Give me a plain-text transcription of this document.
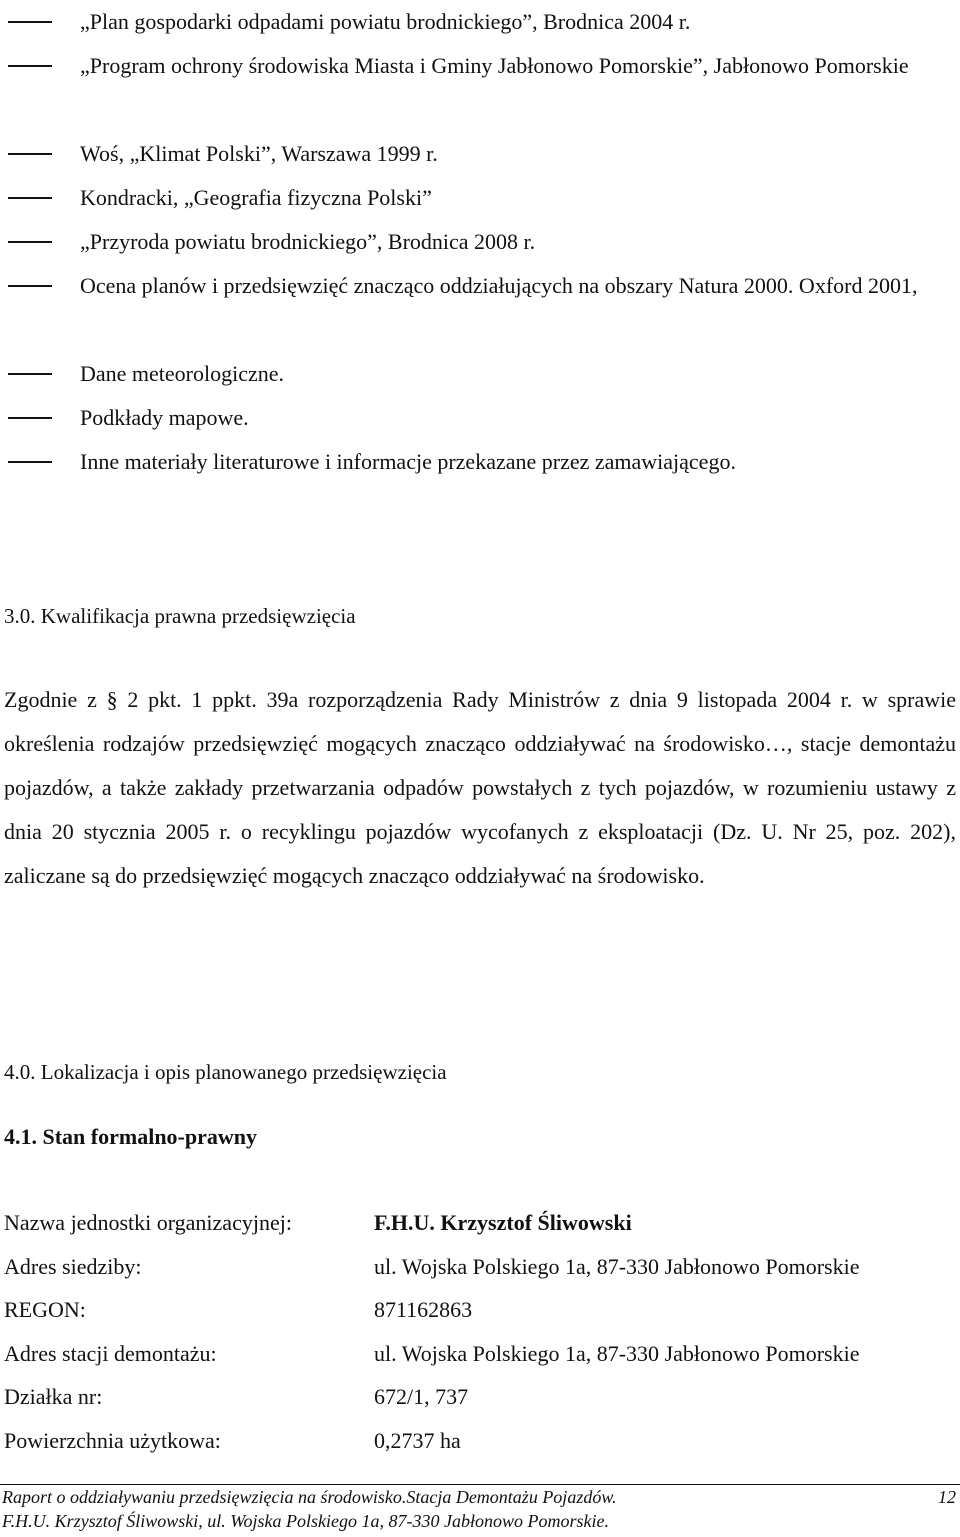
„Plan gospodarki odpadami powiatu brodnickiego”, Brodnica 2004 r.
„Program ochrony środowiska Miasta i Gminy Jabłonowo Pomorskie”, Jabłonowo Pomorskie
Woś, „Klimat Polski”, Warszawa 1999 r.
Kondracki, „Geografia fizyczna Polski”
„Przyroda powiatu brodnickiego”, Brodnica 2008 r.
Ocena planów i przedsięwzięć znacząco oddziałujących na obszary Natura 2000. Oxford 2001,
Dane meteorologiczne.
Podkłady mapowe.
Inne materiały literaturowe i informacje przekazane przez zamawiającego.
3.0. Kwalifikacja prawna przedsięwzięcia
Zgodnie z § 2 pkt. 1 ppkt. 39a rozporządzenia Rady Ministrów z dnia 9 listopada 2004 r. w sprawie określenia rodzajów przedsięwzięć mogących znacząco oddziaływać na środowisko…, stacje demontażu pojazdów, a także zakłady przetwarzania odpadów powstałych z tych pojazdów, w rozumieniu ustawy z dnia 20 stycznia 2005 r. o recyklingu pojazdów wycofanych z eksploatacji (Dz. U. Nr 25, poz. 202), zaliczane są do przedsięwzięć mogących znacząco oddziaływać na środowisko.
4.0. Lokalizacja i opis planowanego przedsięwzięcia
4.1. Stan formalno-prawny
Nazwa jednostki organizacyjnej:	F.H.U. Krzysztof Śliwowski
Adres siedziby:	ul. Wojska Polskiego 1a, 87-330 Jabłonowo Pomorskie
REGON:	871162863
Adres stacji demontażu:	ul. Wojska Polskiego 1a, 87-330 Jabłonowo Pomorskie
Działka nr:	672/1, 737
Powierzchnia użytkowa:	0,2737 ha
Raport o oddziaływaniu przedsięwzięcia na środowisko.Stacja Demontażu Pojazdów.	12
F.H.U. Krzysztof Śliwowski, ul. Wojska Polskiego 1a, 87-330 Jabłonowo Pomorskie.
